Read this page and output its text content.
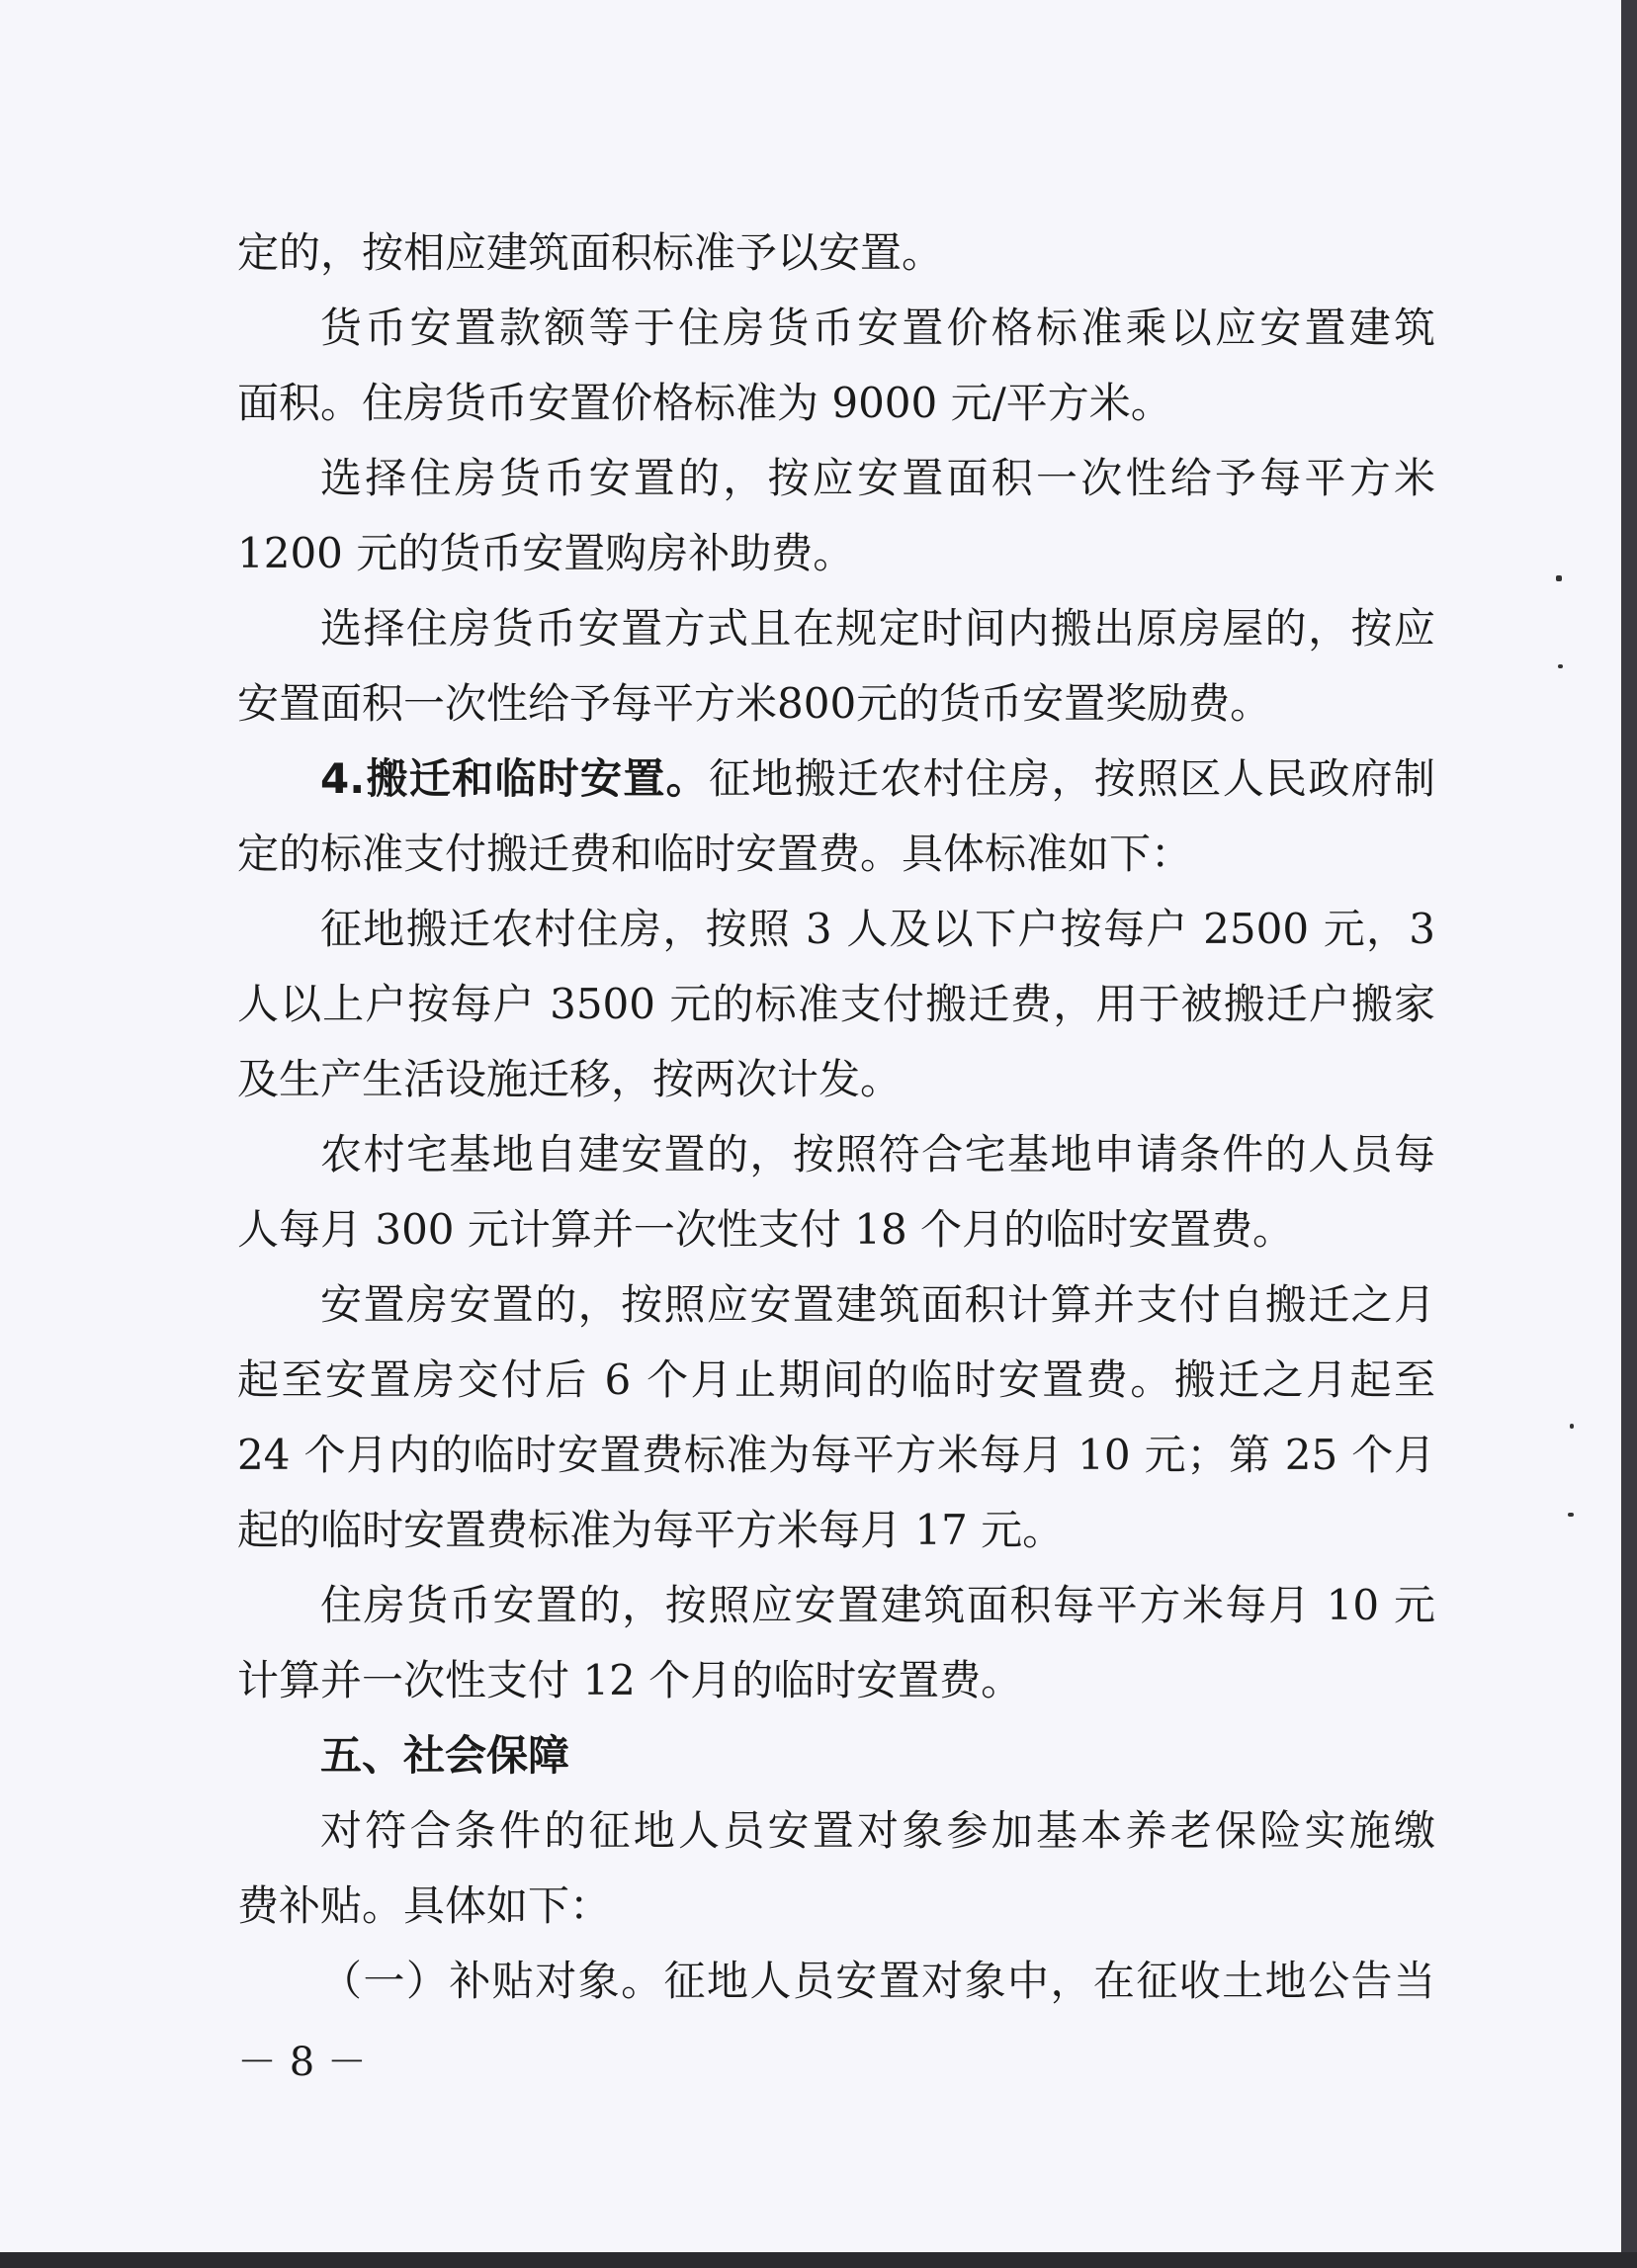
定的，按相应建筑面积标准予以安置。
货币安置款额等于住房货币安置价格标准乘以应安置建筑
面积。住房货币安置价格标准为 9000 元/平方米。
选择住房货币安置的，按应安置面积一次性给予每平方米
1200 元的货币安置购房补助费。
选择住房货币安置方式且在规定时间内搬出原房屋的，按应
安置面积一次性给予每平方米800元的货币安置奖励费。
4.搬迁和临时安置。征地搬迁农村住房，按照区人民政府制
定的标准支付搬迁费和临时安置费。具体标准如下：
征地搬迁农村住房，按照 3 人及以下户按每户 2500 元，3
人以上户按每户 3500 元的标准支付搬迁费，用于被搬迁户搬家
及生产生活设施迁移，按两次计发。
农村宅基地自建安置的，按照符合宅基地申请条件的人员每
人每月 300 元计算并一次性支付 18 个月的临时安置费。
安置房安置的，按照应安置建筑面积计算并支付自搬迁之月
起至安置房交付后 6 个月止期间的临时安置费。搬迁之月起至
24 个月内的临时安置费标准为每平方米每月 10 元；第 25 个月
起的临时安置费标准为每平方米每月 17 元。
住房货币安置的，按照应安置建筑面积每平方米每月 10 元
计算并一次性支付 12 个月的临时安置费。
五、社会保障
对符合条件的征地人员安置对象参加基本养老保险实施缴
费补贴。具体如下：
（一）补贴对象。征地人员安置对象中，在征收土地公告当
－ 8 －
